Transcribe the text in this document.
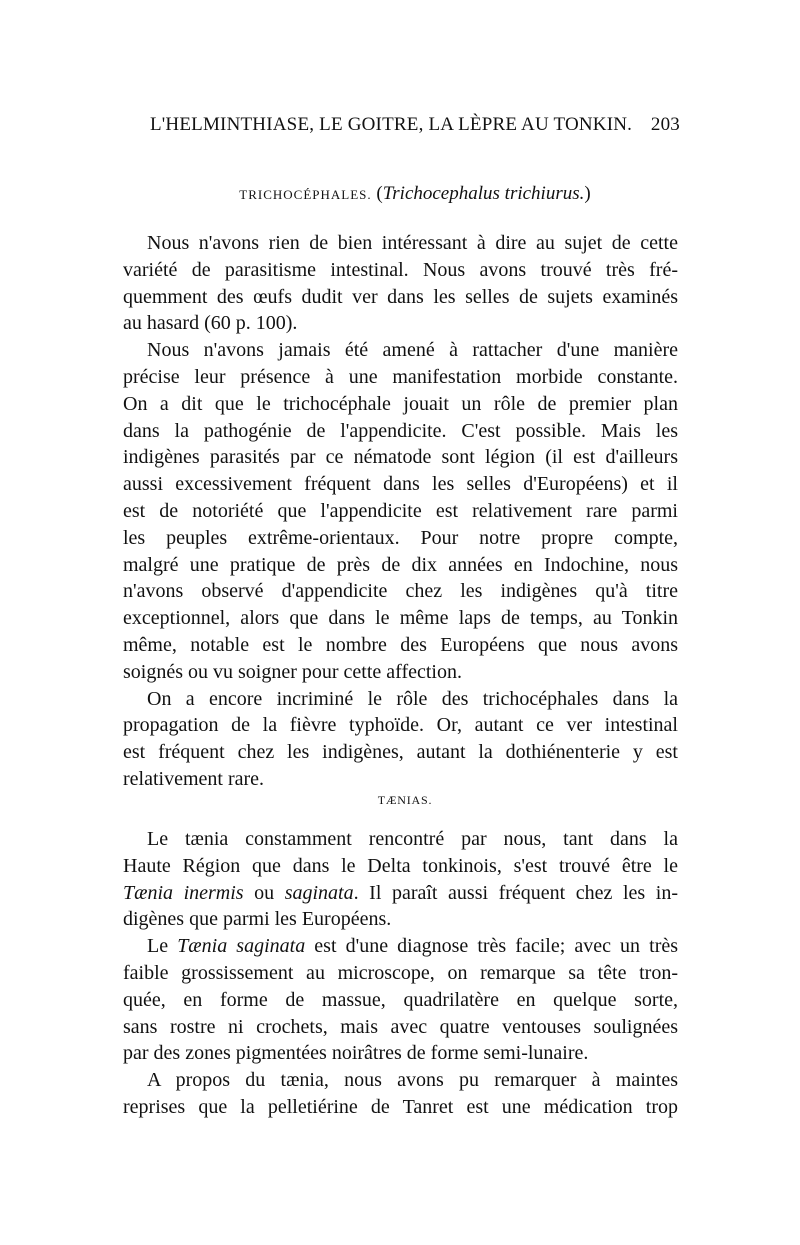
L'HELMINTHIASE, LE GOITRE, LA LÈPRE AU TONKIN. 203
TRICHOCÉPHALES. (Trichocephalus trichiurus.)
Nous n'avons rien de bien intéressant à dire au sujet de cette
variété de parasitisme intestinal. Nous avons trouvé très fré-
quemment des œufs dudit ver dans les selles de sujets examinés
au hasard (60 p. 100).
Nous n'avons jamais été amené à rattacher d'une manière
précise leur présence à une manifestation morbide constante.
On a dit que le trichocéphale jouait un rôle de premier plan
dans la pathogénie de l'appendicite. C'est possible. Mais les
indigènes parasités par ce nématode sont légion (il est d'ailleurs
aussi excessivement fréquent dans les selles d'Européens) et il
est de notoriété que l'appendicite est relativement rare parmi
les peuples extrême-orientaux. Pour notre propre compte,
malgré une pratique de près de dix années en Indochine, nous
n'avons observé d'appendicite chez les indigènes qu'à titre
exceptionnel, alors que dans le même laps de temps, au Tonkin
même, notable est le nombre des Européens que nous avons
soignés ou vu soigner pour cette affection.
On a encore incriminé le rôle des trichocéphales dans la
propagation de la fièvre typhoïde. Or, autant ce ver intestinal
est fréquent chez les indigènes, autant la dothiénenterie y est
relativement rare.
TÆNIAS.
Le tænia constamment rencontré par nous, tant dans la
Haute Région que dans le Delta tonkinois, s'est trouvé être le
Tænia inermis ou saginata. Il paraît aussi fréquent chez les in-
digènes que parmi les Européens.
Le Tænia saginata est d'une diagnose très facile; avec un très
faible grossissement au microscope, on remarque sa tête tron-
quée, en forme de massue, quadrilatère en quelque sorte,
sans rostre ni crochets, mais avec quatre ventouses soulignées
par des zones pigmentées noirâtres de forme semi-lunaire.
A propos du tænia, nous avons pu remarquer à maintes
reprises que la pelletiérine de Tanret est une médication trop
